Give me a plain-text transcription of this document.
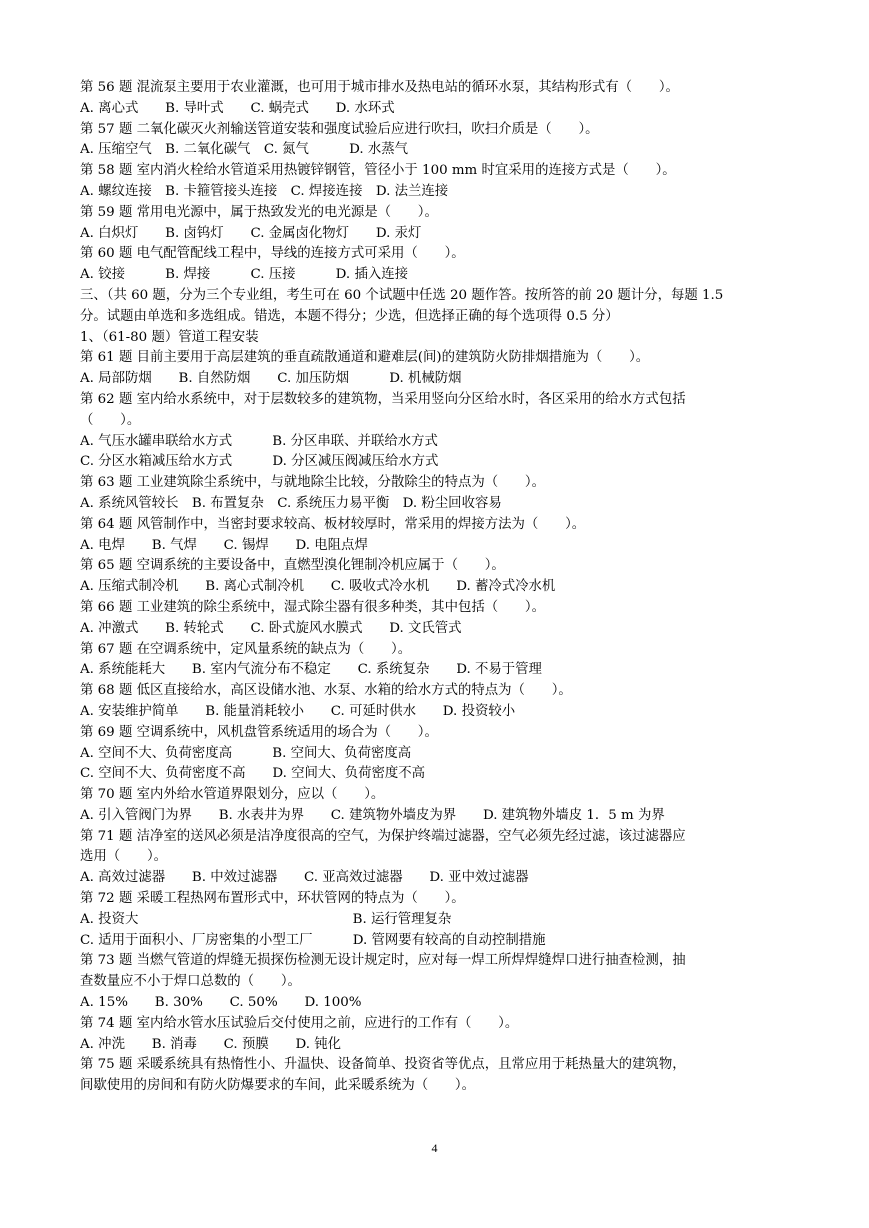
第 56 题 混流泵主要用于农业灌溉，也可用于城市排水及热电站的循环水泵，其结构形式有（　　）。
A. 离心式　　B. 导叶式　　C. 蜗壳式　　D. 水环式
第 57 题 二氧化碳灭火剂输送管道安装和强度试验后应进行吹扫，吹扫介质是（　　）。
A. 压缩空气　B. 二氧化碳气　C. 氮气　　　D. 水蒸气
第 58 题 室内消火栓给水管道采用热镀锌钢管，管径小于 100 mm 时宜采用的连接方式是（　　）。
A. 螺纹连接　B. 卡箍管接头连接　C. 焊接连接　D. 法兰连接
第 59 题 常用电光源中，属于热致发光的电光源是（　　）。
A. 白炽灯　　B. 卤钨灯　　C. 金属卤化物灯　　D. 汞灯
第 60 题 电气配管配线工程中，导线的连接方式可采用（　　）。
A. 铰接　　　B. 焊接　　　C. 压接　　　D. 插入连接
三、（共 60 题，分为三个专业组，考生可在 60 个试题中任选 20 题作答。按所答的前 20 题计分，每题 1.5
分。试题由单选和多选组成。错选，本题不得分；少选，但选择正确的每个选项得 0.5 分）
1、（61-80 题）管道工程安装
第 61 题 目前主要用于高层建筑的垂直疏散通道和避难层(间)的建筑防火防排烟措施为（　　）。
A. 局部防烟　　B. 自然防烟　　C. 加压防烟　　　D. 机械防烟
第 62 题 室内给水系统中，对于层数较多的建筑物，当采用竖向分区给水时，各区采用的给水方式包括
（　　）。
A. 气压水罐串联给水方式　　　B. 分区串联、并联给水方式
C. 分区水箱减压给水方式　　　D. 分区减压阀减压给水方式
第 63 题 工业建筑除尘系统中，与就地除尘比较，分散除尘的特点为（　　）。
A. 系统风管较长　B. 布置复杂　C. 系统压力易平衡　D. 粉尘回收容易
第 64 题 风管制作中，当密封要求较高、板材较厚时，常采用的焊接方法为（　　）。
A. 电焊　　B. 气焊　　C. 锡焊　　D. 电阻点焊
第 65 题 空调系统的主要设备中，直燃型溴化锂制冷机应属于（　　）。
A. 压缩式制冷机　　B. 离心式制冷机　　C. 吸收式冷水机　　D. 蓄冷式冷水机
第 66 题 工业建筑的除尘系统中，湿式除尘器有很多种类，其中包括（　　）。
A. 冲激式　　B. 转轮式　　C. 卧式旋风水膜式　　D. 文氏管式
第 67 题 在空调系统中，定风量系统的缺点为（　　）。
A. 系统能耗大　　B. 室内气流分布不稳定　　C. 系统复杂　　D. 不易于管理
第 68 题 低区直接给水，高区设储水池、水泵、水箱的给水方式的特点为（　　）。
A. 安装维护简单　　B. 能量消耗较小　　C. 可延时供水　　D. 投资较小
第 69 题 空调系统中，风机盘管系统适用的场合为（　　）。
A. 空间不大、负荷密度高　　　B. 空间大、负荷密度高
C. 空间不大、负荷密度不高　　D. 空间大、负荷密度不高
第 70 题 室内外给水管道界限划分，应以（　　）。
A. 引入管阀门为界　　B. 水表井为界　　C. 建筑物外墙皮为界　　D. 建筑物外墙皮 1．5 m 为界
第 71 题 洁净室的送风必须是洁净度很高的空气，为保护终端过滤器，空气必须先经过滤，该过滤器应
选用（　　）。
A. 高效过滤器　　B. 中效过滤器　　C. 亚高效过滤器　　D. 亚中效过滤器
第 72 题 采暖工程热网布置形式中，环状管网的特点为（　　）。
A. 投资大　　　　　　　　　　　　　　　　B. 运行管理复杂
C. 适用于面积小、厂房密集的小型工厂　　　D. 管网要有较高的自动控制措施
第 73 题 当燃气管道的焊缝无损探伤检测无设计规定时，应对每一焊工所焊焊缝焊口进行抽查检测，抽
查数量应不小于焊口总数的（　　）。
A. 15%　　B. 30%　　C. 50%　　D. 100%
第 74 题 室内给水管水压试验后交付使用之前，应进行的工作有（　　）。
A. 冲洗　　B. 消毒　　C. 预膜　　D. 钝化
第 75 题 采暖系统具有热惰性小、升温快、设备简单、投资省等优点，且常应用于耗热量大的建筑物，
间歇使用的房间和有防火防爆要求的车间，此采暖系统为（　　）。
4
